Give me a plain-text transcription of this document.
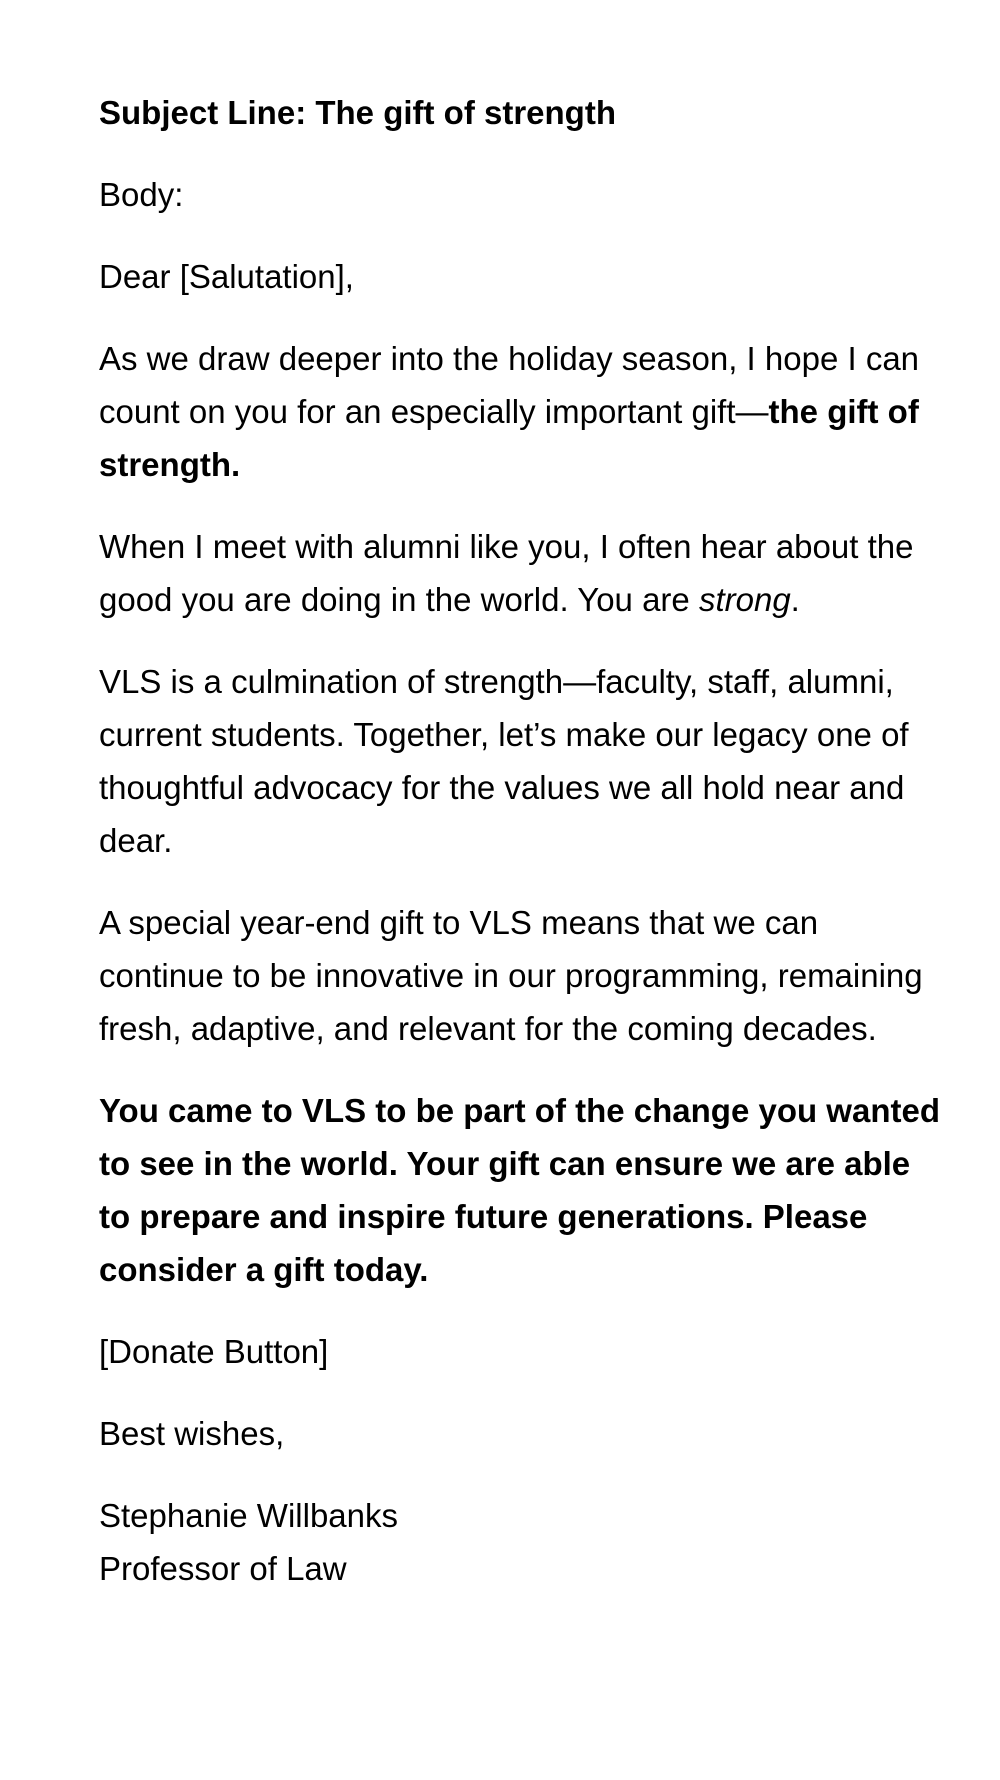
Subject Line: The gift of strength

Body:

Dear [Salutation],

As we draw deeper into the holiday season, I hope I can count on you for an especially important gift—the gift of strength.

When I meet with alumni like you, I often hear about the good you are doing in the world. You are strong.

VLS is a culmination of strength—faculty, staff, alumni, current students. Together, let’s make our legacy one of thoughtful advocacy for the values we all hold near and dear.

A special year-end gift to VLS means that we can continue to be innovative in our programming, remaining fresh, adaptive, and relevant for the coming decades.

You came to VLS to be part of the change you wanted to see in the world. Your gift can ensure we are able to prepare and inspire future generations. Please consider a gift today.

[Donate Button]

Best wishes,

Stephanie Willbanks
Professor of Law
